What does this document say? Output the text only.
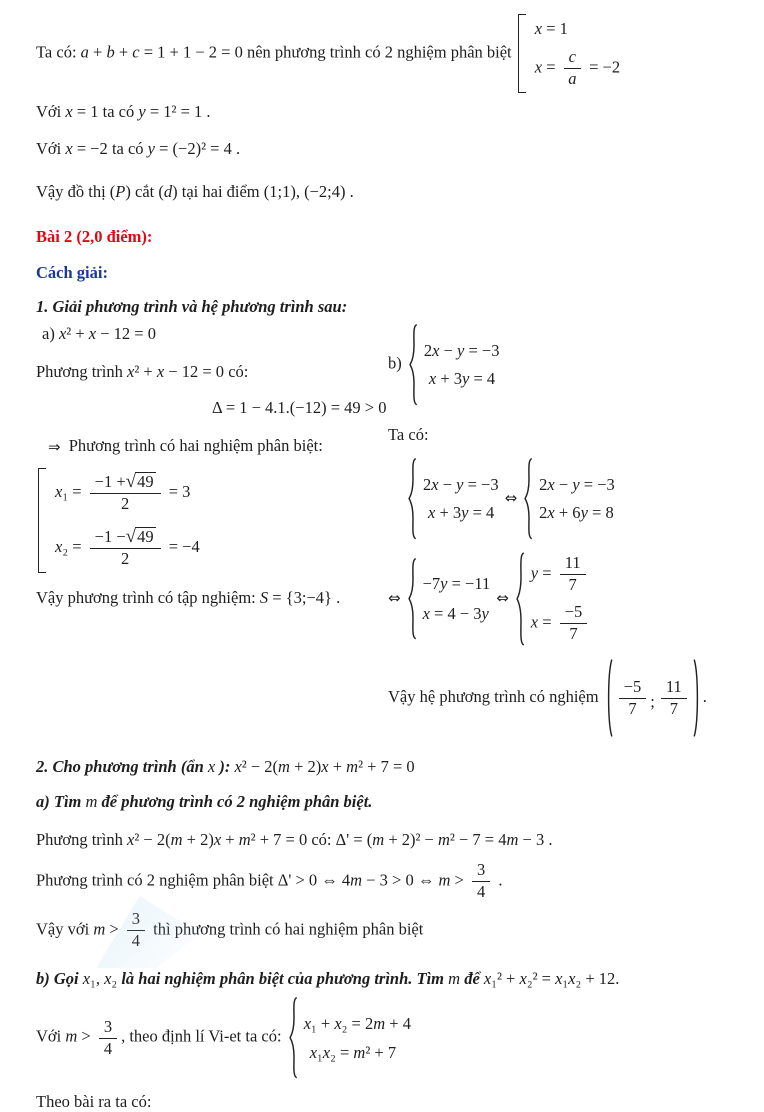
Ta có: a + b + c = 1 + 1 − 2 = 0 nên phương trình có 2 nghiệm phân biệt
x = 1
$x = \frac{c}{a} = -2$
Với x = 1 ta có y = 1² = 1 .
Với x = −2 ta có y = (−2)² = 4 .
Vậy đồ thị (P) cắt (d) tại hai điểm (1;1), (−2;4) .
Bài 2 (2,0 điểm):
Cách giải:
1. Giải phương trình và hệ phương trình sau:
a) x² + x − 12 = 0
Phương trình x² + x − 12 = 0 có:
Δ = 1 − 4.1.(−12) = 49 > 0
⇒ Phương trình có hai nghiệm phân biệt:
$x_1 = \frac{-1 + √ 49}{2} = 3$
$x_2 = \frac{-1 - √ 49}{2} = -4$
Vậy phương trình có tập nghiệm: S = {3;−4} .
b)
2x − y = −3
x + 3y = 4
Ta có:
2x − y = −3
x + 3y = 4
⇔
2x − y = −3
2x + 6y = 8
⇔
−7y = −11
x = 4 − 3y
⇔
$y = \frac{11}{7}$
$x = \frac{-5}{7}$
Vậy hệ phương trình có nghiệm $\frac{-5}{7}$ ; $\frac{11}{7}$ .
2. Cho phương trình (ẩn x ): x² − 2(m + 2)x + m² + 7 = 0
a) Tìm m để phương trình có 2 nghiệm phân biệt.
Phương trình x² − 2(m + 2)x + m² + 7 = 0 có: Δ' = (m + 2)² − m² − 7 = 4m − 3 .
Phương trình có 2 nghiệm phân biệt Δ' > 0 ⇔ 4m − 3 > 0 ⇔ $m > \frac{3}{4}$ .
Vậy với $m > \frac{3}{4}$ thì phương trình có hai nghiệm phân biệt
b) Gọi x₁, x₂ là hai nghiệm phân biệt của phương trình. Tìm m để x₁² + x₂² = x₁x₂ + 12.
Với $m > \frac{3}{4}$ , theo định lí Vi-et ta có:
x₁ + x₂ = 2m + 4
x₁x₂ = m² + 7
Theo bài ra ta có:
